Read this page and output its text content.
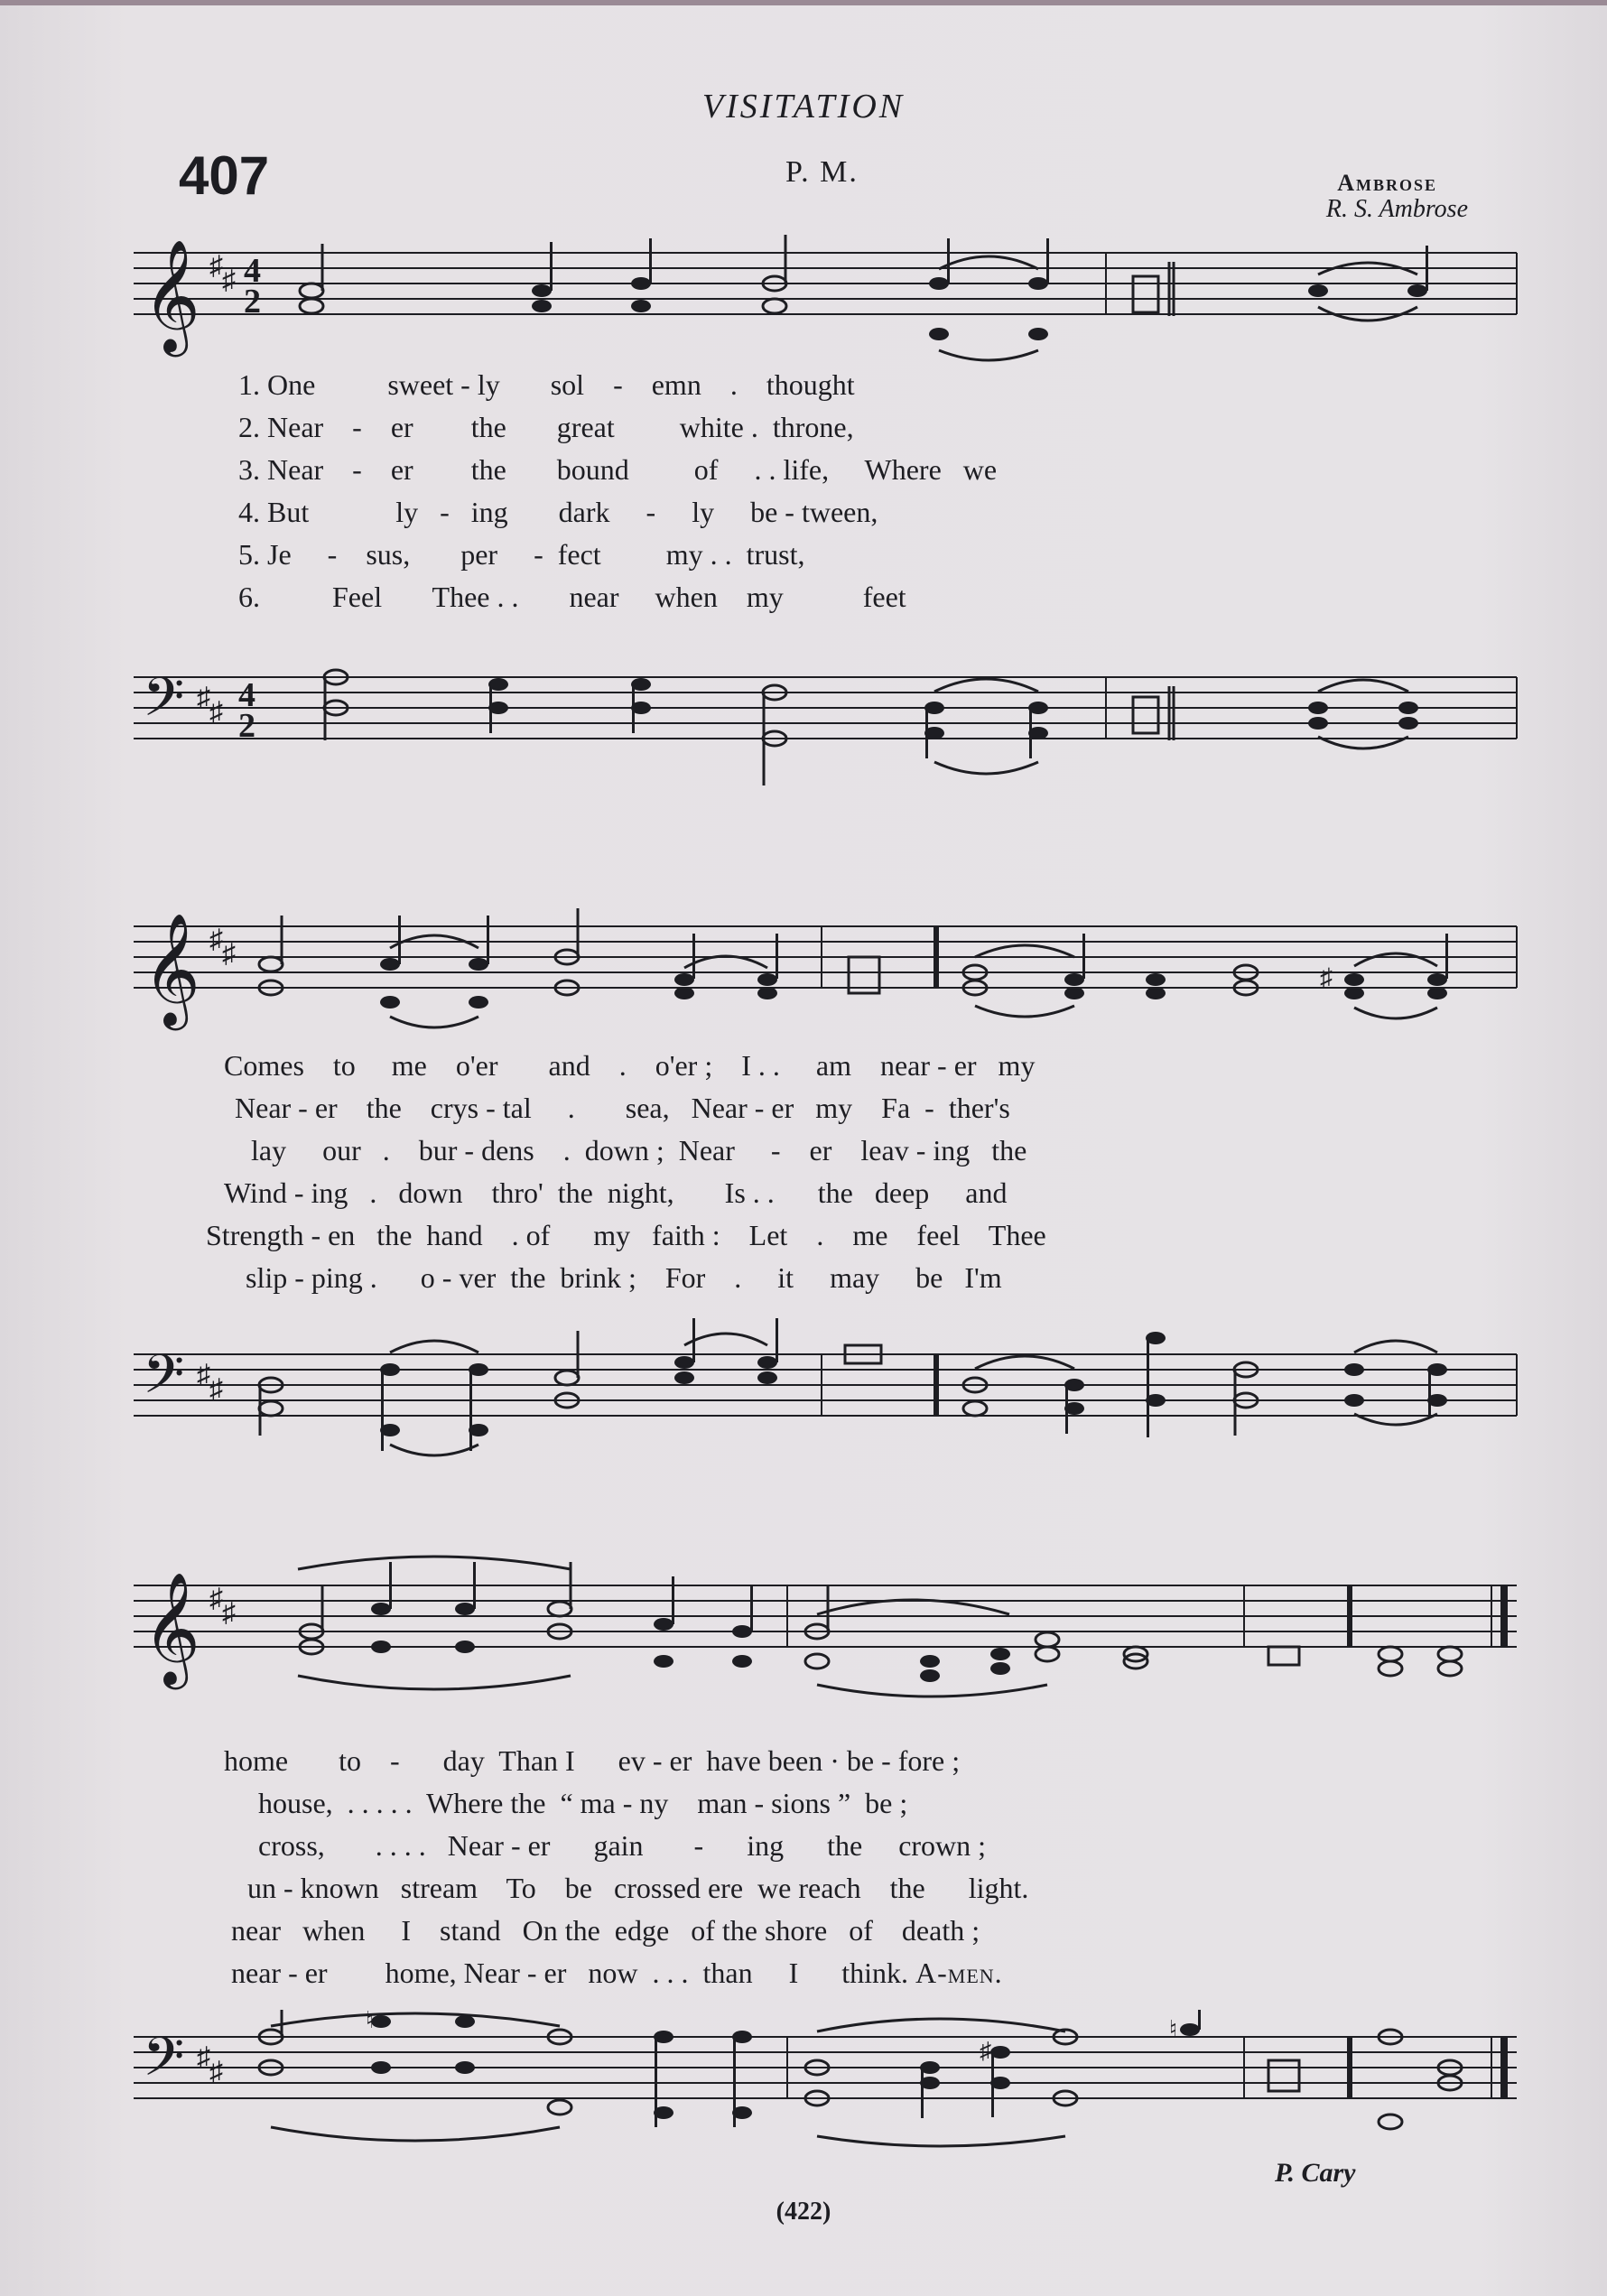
VISITATION
407	P. M.	Ambrose
R. S. Ambrose
𝄞 ♯ ♯ 4
2
1. One	sweet - ly sol - emn . thought
2. Near - er the great white . throne,
3. Near - er the bound of . . life, Where we
4. But	ly - ing dark - ly be - tween,
5. Je - sus, per - fect my . . trust,
6.	Feel Thee . . near when my	feet
𝄢 ♯ ♯ 4
2
𝄞 ♯ ♯
♯
Comes to me o'er and . o'er ; I . . am near - er my
Near - er the crys - tal . sea, Near - er my Fa - ther's
lay our . bur - dens . down ; Near - er leav - ing the
Wind - ing . down thro' the night, Is . . the deep and
Strength - en the hand . of my faith : Let . me feel Thee
slip - ping . o - ver the brink ; For . it may be I'm
𝄢 ♯ ♯
𝄞 ♯ ♯
home to - day Than I ev - er have been · be - fore ;
house, . . . . . Where the “ ma - ny man - sions ” be ;
cross, . . . . Near - er gain - ing the crown ;
un - known stream To be crossed ere we reach the light.
near when I stand On the edge of the shore of death ;
near - er home, Near - er now . . . than I think. A-men.
𝄢 ♯ ♯
♮
♯
♮
P. Cary
(422)
